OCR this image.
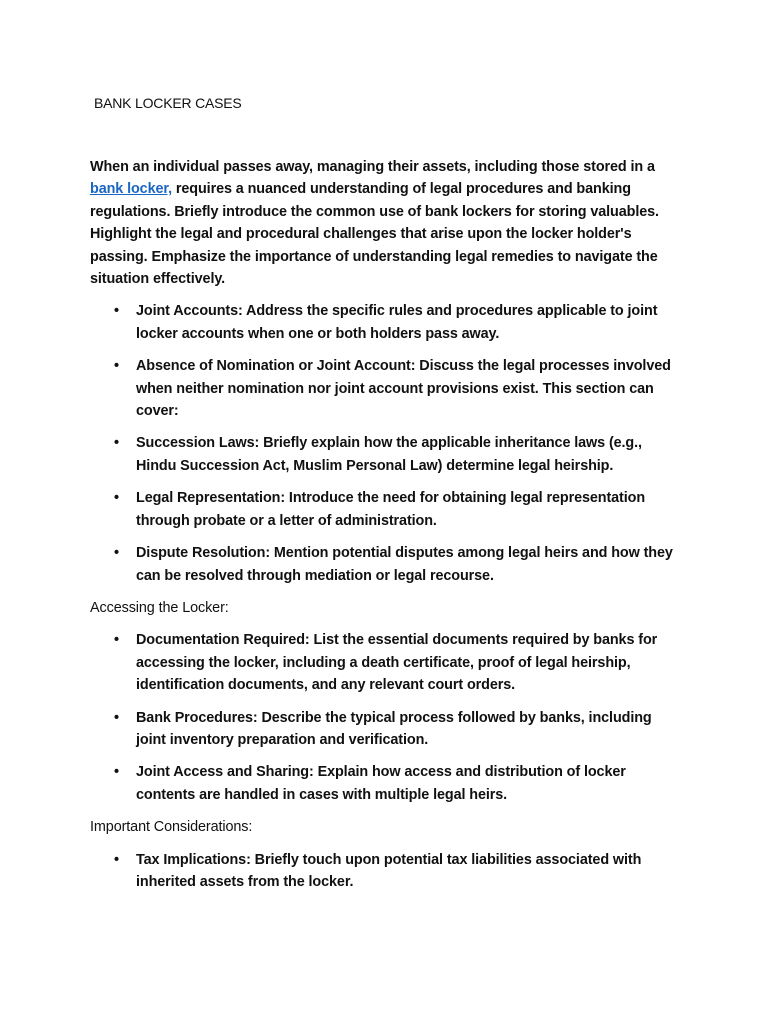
BANK LOCKER CASES

When an individual passes away, managing their assets, including those stored in a bank locker, requires a nuanced understanding of legal procedures and banking regulations. Briefly introduce the common use of bank lockers for storing valuables. Highlight the legal and procedural challenges that arise upon the locker holder's passing. Emphasize the importance of understanding legal remedies to navigate the situation effectively.

• Joint Accounts: Address the specific rules and procedures applicable to joint locker accounts when one or both holders pass away.
• Absence of Nomination or Joint Account: Discuss the legal processes involved when neither nomination nor joint account provisions exist. This section can cover:
• Succession Laws: Briefly explain how the applicable inheritance laws (e.g., Hindu Succession Act, Muslim Personal Law) determine legal heirship.
• Legal Representation: Introduce the need for obtaining legal representation through probate or a letter of administration.
• Dispute Resolution: Mention potential disputes among legal heirs and how they can be resolved through mediation or legal recourse.

Accessing the Locker:

• Documentation Required: List the essential documents required by banks for accessing the locker, including a death certificate, proof of legal heirship, identification documents, and any relevant court orders.
• Bank Procedures: Describe the typical process followed by banks, including joint inventory preparation and verification.
• Joint Access and Sharing: Explain how access and distribution of locker contents are handled in cases with multiple legal heirs.

Important Considerations:

• Tax Implications: Briefly touch upon potential tax liabilities associated with inherited assets from the locker.
